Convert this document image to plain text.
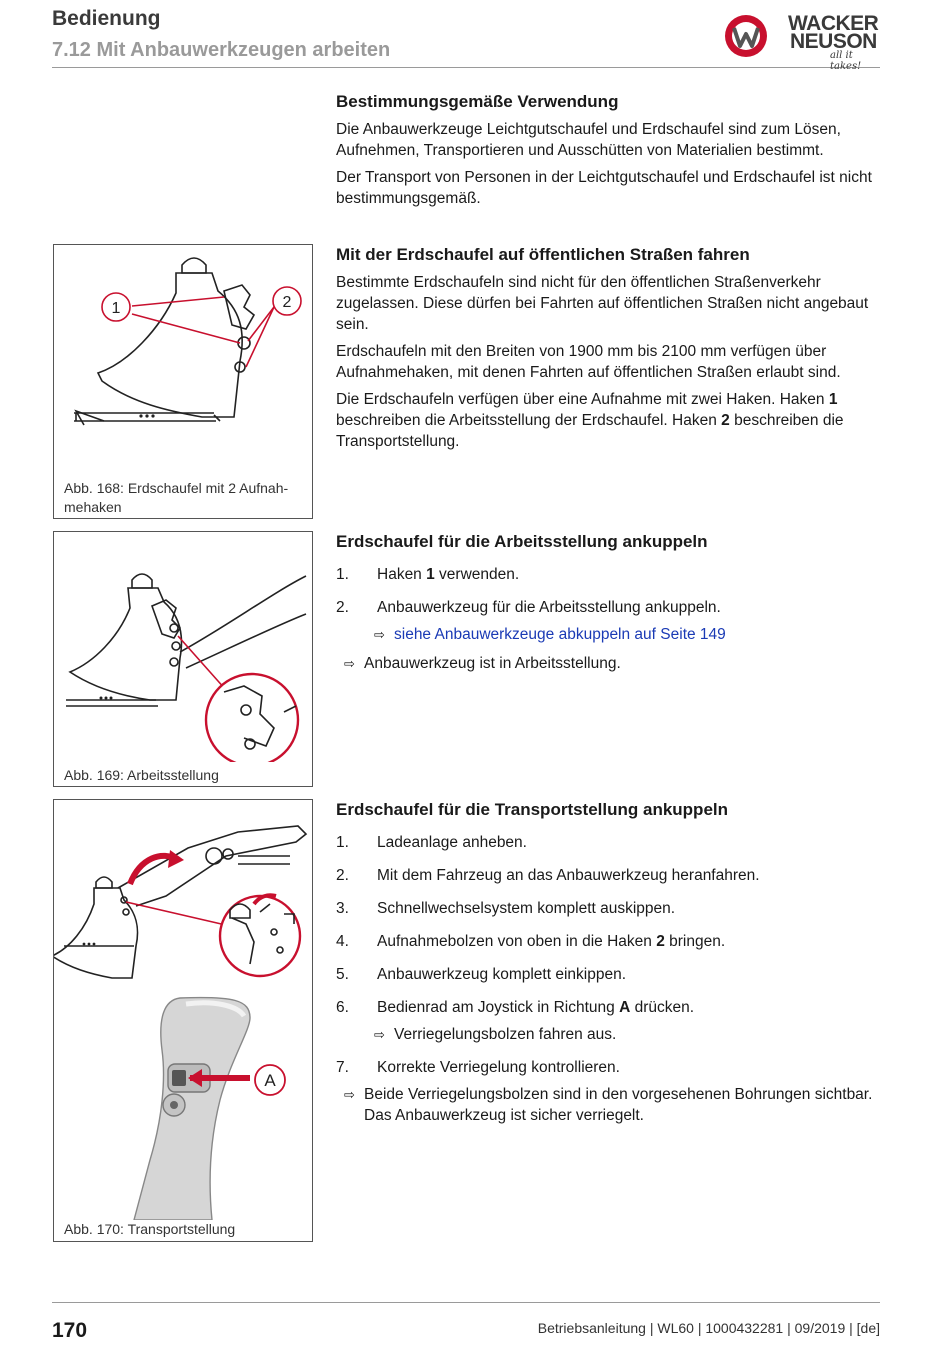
Bedienung
7.12 Mit Anbauwerkzeugen arbeiten
WACKER
NEUSON
all it takes!
Bestimmungsgemäße Verwendung

Die Anbauwerkzeuge Leichtgutschaufel und Erdschaufel sind zum Lösen, Aufnehmen, Transportieren und Ausschütten von Materialien bestimmt.

Der Transport von Personen in der Leichtgutschaufel und Erdschaufel ist nicht bestimmungsgemäß.

Mit der Erdschaufel auf öffentlichen Straßen fahren

Bestimmte Erdschaufeln sind nicht für den öffentlichen Straßenverkehr zugelassen. Diese dürfen bei Fahrten auf öffentlichen Straßen nicht angebaut sein.

Erdschaufeln mit den Breiten von 1900 mm bis 2100 mm verfügen über Aufnahmehaken, mit denen Fahrten auf öffentlichen Straßen erlaubt sind.

Die Erdschaufeln verfügen über eine Aufnahme mit zwei Haken. Haken 1 beschreiben die Arbeitsstellung der Erdschaufel. Haken 2 beschreiben die Transportstellung.

Erdschaufel für die Arbeitsstellung ankuppeln
1. Haken 1 verwenden.
2. Anbauwerkzeug für die Arbeitsstellung ankuppeln.
⇨ siehe Anbauwerkzeuge abkuppeln auf Seite 149
⇨ Anbauwerkzeug ist in Arbeitsstellung.
Erdschaufel für die Transportstellung ankuppeln
1. Ladeanlage anheben.
2. Mit dem Fahrzeug an das Anbauwerkzeug heranfahren.
3. Schnellwechselsystem komplett auskippen.
4. Aufnahmebolzen von oben in die Haken 2 bringen.
5. Anbauwerkzeug komplett einkippen.
6. Bedienrad am Joystick in Richtung A drücken.
⇨ Verriegelungsbolzen fahren aus.
7. Korrekte Verriegelung kontrollieren.
⇨ Beide Verriegelungsbolzen sind in den vorgesehenen Bohrungen sichtbar. Das Anbauwerkzeug ist sicher verriegelt.
1	2
Abb. 168: Erdschaufel mit 2 Aufnahmehaken
Abb. 169: Arbeitsstellung
A
Abb. 170: Transportstellung
170	Betriebsanleitung | WL60 | 1000432281 | 09/2019 | [de]
